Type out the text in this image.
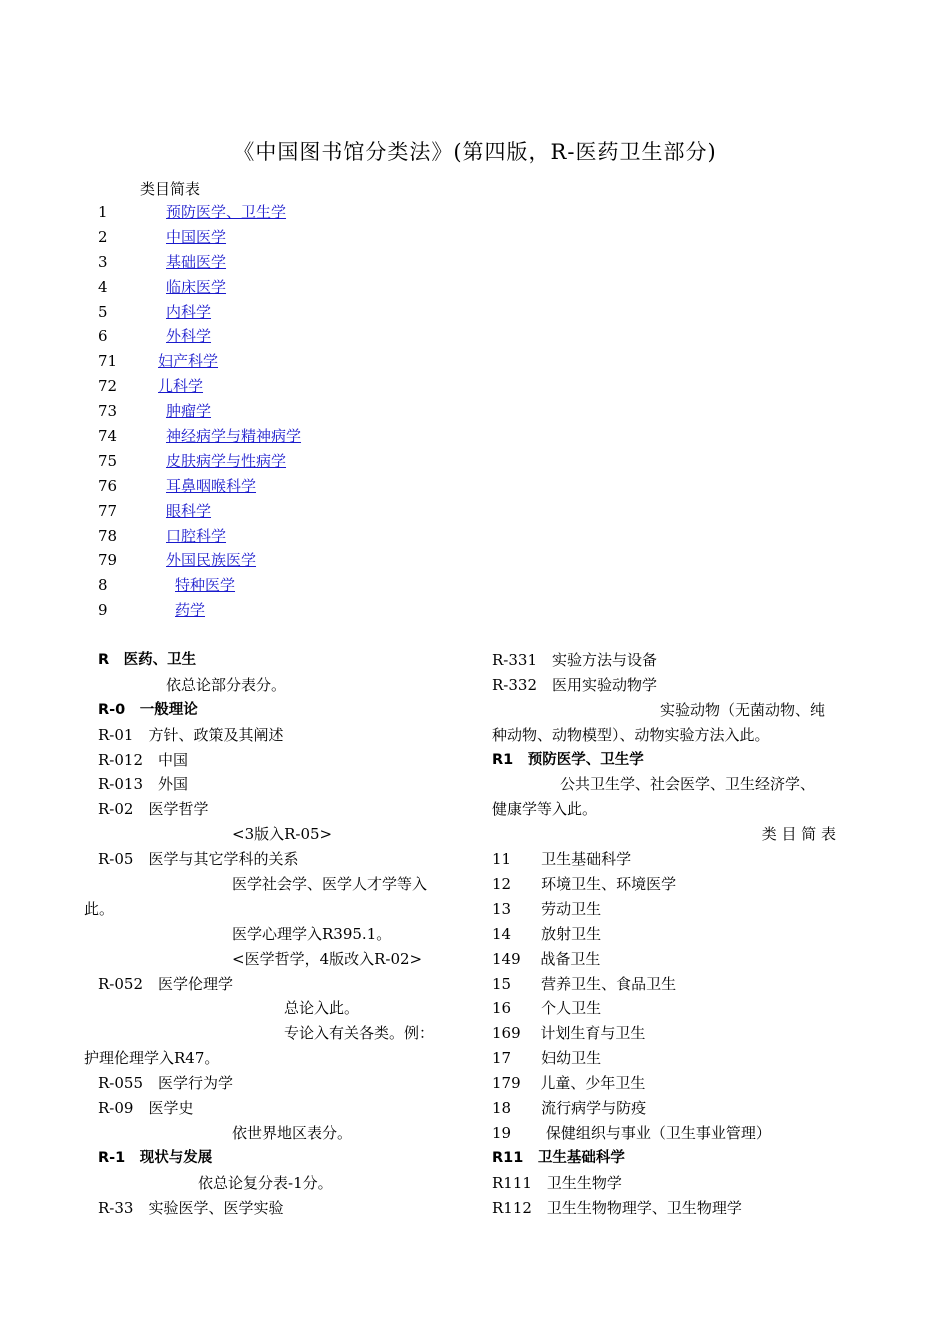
《中国图书馆分类法》(第四版，R-医药卫生部分)
类目简表
1	预防医学、卫生学
2	中国医学
3	基础医学
4	临床医学
5	内科学
6	外科学
71	妇产科学
72	儿科学
73	肿瘤学
74	神经病学与精神病学
75	皮肤病学与性病学
76	耳鼻咽喉科学
77	眼科学
78	口腔科学
79	外国民族医学
8	特种医学
9	药学
R　医药、卫生
依总论部分表分。
R-0　一般理论
R-01　方针、政策及其阐述
R-012　中国
R-013　外国
R-02　医学哲学
<3版入R-05>
R-05　医学与其它学科的关系
医学社会学、医学人才学等入
此。
医学心理学入R395.1。
<医学哲学，4版改入R-02>
R-052　医学伦理学
总论入此。
专论入有关各类。例：
护理伦理学入R47。
R-055　医学行为学
R-09　医学史
依世界地区表分。
R-1　现状与发展
依总论复分表-1分。
R-33　实验医学、医学实验
R-331　实验方法与设备
R-332　医用实验动物学
实验动物（无菌动物、纯
种动物、动物模型）、动物实验方法入此。
R1　预防医学、卫生学
公共卫生学、社会医学、卫生经济学、
健康学等入此。
类 目 简 表
11　　卫生基础科学
12　　环境卫生、环境医学
13　　劳动卫生
14　　放射卫生
149　 战备卫生
15　　营养卫生、食品卫生
16　　个人卫生
169　 计划生育与卫生
17　　妇幼卫生
179　 儿童、少年卫生
18　　流行病学与防疫
19　　 保健组织与事业（卫生事业管理）
R11　卫生基础科学
R111　卫生生物学
R112　卫生生物物理学、卫生物理学
